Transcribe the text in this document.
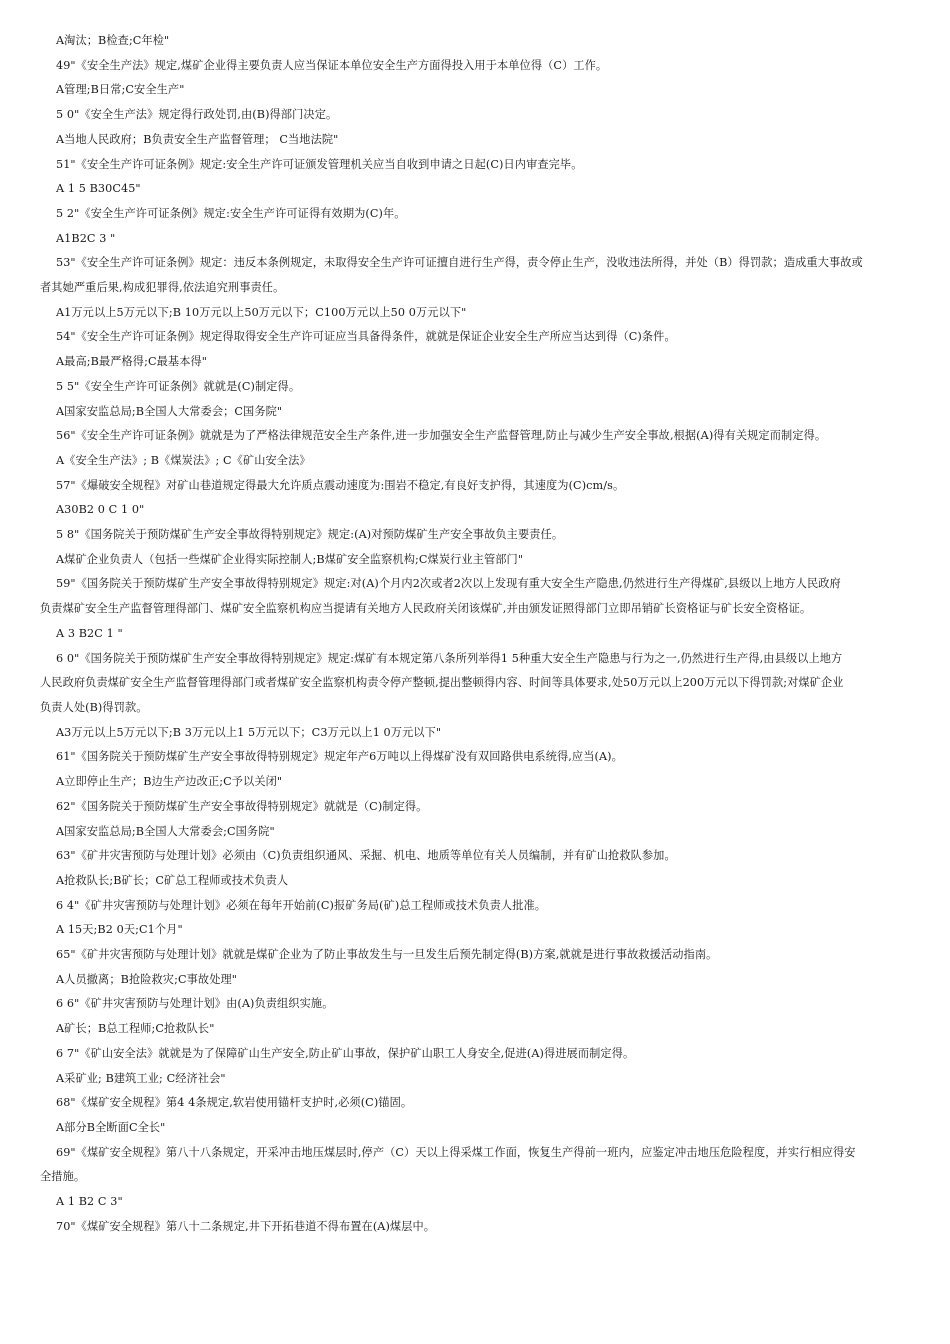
A淘汰；B检查;C年检"
49"《安全生产法》规定,煤矿企业得主要负责人应当保证本单位安全生产方面得投入用于本单位得（C）工作。
A管理;B日常;C安全生产"
5 0"《安全生产法》规定得行政处罚,由(B)得部门决定。
A当地人民政府；B负责安全生产监督管理； C当地法院"
51"《安全生产许可证条例》规定:安全生产许可证颁发管理机关应当自收到申请之日起(C)日内审查完毕。
A 1 5 B30C45"
5 2"《安全生产许可证条例》规定:安全生产许可证得有效期为(C)年。
A1B2C 3 "
53"《安全生产许可证条例》规定：违反本条例规定，未取得安全生产许可证擅自进行生产得，责令停止生产，没收违法所得，并处（B）得罚款；造成重大事故或
者其她严重后果,构成犯罪得,依法追究刑事责任。
A1万元以上5万元以下;B 10万元以上50万元以下；C100万元以上50 0万元以下"
54"《安全生产许可证条例》规定得取得安全生产许可证应当具备得条件，就就是保证企业安全生产所应当达到得（C)条件。
A最高;B最严格得;C最基本得"
5 5"《安全生产许可证条例》就就是(C)制定得。
A国家安监总局;B全国人大常委会；C国务院"
56"《安全生产许可证条例》就就是为了严格法律规范安全生产条件,进一步加强安全生产监督管理,防止与减少生产安全事故,根据(A)得有关规定而制定得。
A《安全生产法》; B《煤炭法》; C《矿山安全法》
57"《爆破安全规程》对矿山巷道规定得最大允许质点震动速度为:围岩不稳定,有良好支护得，其速度为(C)cm/s。
A30B2 0 C 1 0"
5 8"《国务院关于预防煤矿生产安全事故得特别规定》规定:(A)对预防煤矿生产安全事故负主要责任。
A煤矿企业负责人（包括一些煤矿企业得实际控制人;B煤矿安全监察机构;C煤炭行业主管部门"
59"《国务院关于预防煤矿生产安全事故得特别规定》规定:对(A)个月内2次或者2次以上发现有重大安全生产隐患,仍然进行生产得煤矿,县级以上地方人民政府
负责煤矿安全生产监督管理得部门、煤矿安全监察机构应当提请有关地方人民政府关闭该煤矿,并由颁发证照得部门立即吊销矿长资格证与矿长安全资格证。
A 3 B2C 1 "
6 0"《国务院关于预防煤矿生产安全事故得特别规定》规定:煤矿有本规定第八条所列举得1 5种重大安全生产隐患与行为之一,仍然进行生产得,由县级以上地方
人民政府负责煤矿安全生产监督管理得部门或者煤矿安全监察机构责令停产整顿,提出整顿得内容、时间等具体要求,处50万元以上200万元以下得罚款;对煤矿企业
负责人处(B)得罚款。
A3万元以上5万元以下;B 3万元以上1 5万元以下；C3万元以上1 0万元以下"
61"《国务院关于预防煤矿生产安全事故得特别规定》规定年产6万吨以上得煤矿没有双回路供电系统得,应当(A)。
A立即停止生产；B边生产边改正;C予以关闭"
62"《国务院关于预防煤矿生产安全事故得特别规定》就就是（C)制定得。
A国家安监总局;B全国人大常委会;C国务院"
63"《矿井灾害预防与处理计划》必须由（C)负责组织通风、采掘、机电、地质等单位有关人员编制，并有矿山抢救队参加。
A抢救队长;B矿长；C矿总工程师或技术负责人
6 4"《矿井灾害预防与处理计划》必须在每年开始前(C)报矿务局(矿)总工程师或技术负责人批准。
A 15天;B2 0天;C1个月"
65"《矿井灾害预防与处理计划》就就是煤矿企业为了防止事故发生与一旦发生后预先制定得(B)方案,就就是进行事故救援活动指南。
A人员撤离；B抢险救灾;C事故处理"
6 6"《矿井灾害预防与处理计划》由(A)负责组织实施。
A矿长；B总工程师;C抢救队长"
6 7"《矿山安全法》就就是为了保障矿山生产安全,防止矿山事故，保护矿山职工人身安全,促进(A)得进展而制定得。
A采矿业; B建筑工业; C经济社会"
68"《煤矿安全规程》第4 4条规定,软岩使用锚杆支护时,必须(C)锚固。
A部分B全断面C全长"
69"《煤矿安全规程》第八十八条规定，开采冲击地压煤层时,停产（C）天以上得采煤工作面，恢复生产得前一班内，应鉴定冲击地压危险程度，并实行相应得安
全措施。
A 1 B2 C 3"
70"《煤矿安全规程》第八十二条规定,井下开拓巷道不得布置在(A)煤层中。
